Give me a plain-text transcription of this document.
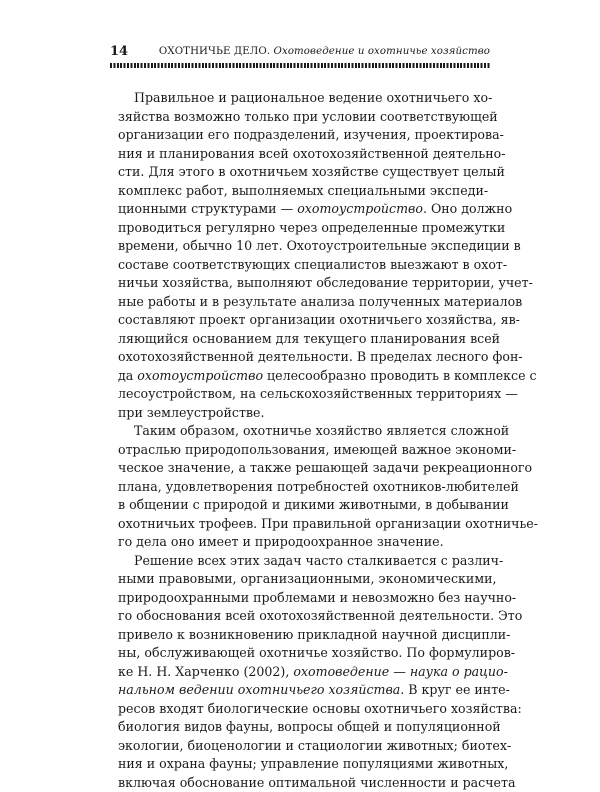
14	ОХОТНИЧЬЕ ДЕЛО. Охотоведение и охотничье хозяйство
Правильное и рациональное ведение охотничьего хо-
зяйства возможно только при условии соответствующей
организации его подразделений, изучения, проектирова-
ния и планирования всей охотохозяйственной деятельно-
сти. Для этого в охотничьем хозяйстве существует целый
комплекс работ, выполняемых специальными экспеди-
ционными структурами — охотоустройство. Оно должно
проводиться регулярно через определенные промежутки
времени, обычно 10 лет. Охотоустроительные экспедиции в
составе соответствующих специалистов выезжают в охот-
ничьи хозяйства, выполняют обследование территории, учет-
ные работы и в результате анализа полученных материалов
составляют проект организации охотничьего хозяйства, яв-
ляющийся основанием для текущего планирования всей
охотохозяйственной деятельности. В пределах лесного фон-
да охотоустройство целесообразно проводить в комплексе с
лесоустройством, на сельскохозяйственных территориях —
при землеустройстве.
Таким образом, охотничье хозяйство является сложной
отраслью природопользования, имеющей важное экономи-
ческое значение, а также решающей задачи рекреационного
плана, удовлетворения потребностей охотников-любителей
в общении с природой и дикими животными, в добывании
охотничьих трофеев. При правильной организации охотничье-
го дела оно имеет и природоохранное значение.
Решение всех этих задач часто сталкивается с различ-
ными правовыми, организационными, экономическими,
природоохранными проблемами и невозможно без научно-
го обоснования всей охотохозяйственной деятельности. Это
привело к возникновению прикладной научной дисципли-
ны, обслуживающей охотничье хозяйство. По формулиров-
ке Н. Н. Харченко (2002), охотоведение — наука о рацио-
нальном ведении охотничьего хозяйства. В круг ее инте-
ресов входят биологические основы охотничьего хозяйства:
биология видов фауны, вопросы общей и популяционной
экологии, биоценологии и стациологии животных; биотех-
ния и охрана фауны; управление популяциями животных,
включая обоснование оптимальной численности и расчета
